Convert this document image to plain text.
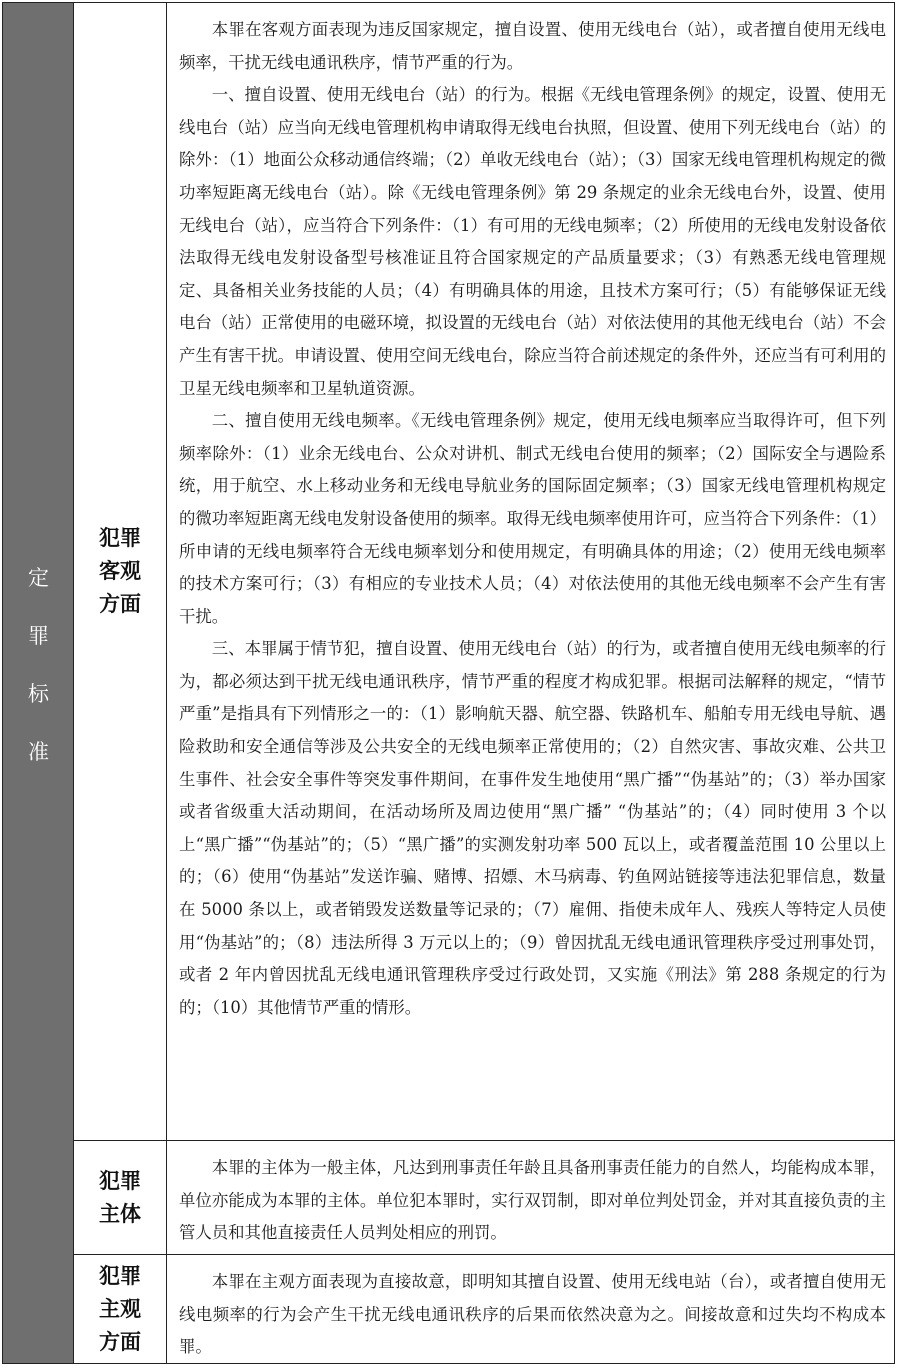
定
罪
标
准
犯罪客观方面

本罪在客观方面表现为违反国家规定，擅自设置、使用无线电台（站），或者擅自使用无线电频率，干扰无线电通讯秩序，情节严重的行为。

一、擅自设置、使用无线电台（站）的行为。根据《无线电管理条例》的规定，设置、使用无线电台（站）应当向无线电管理机构申请取得无线电台执照，但设置、使用下列无线电台（站）的除外：（1）地面公众移动通信终端；（2）单收无线电台（站）；（3）国家无线电管理机构规定的微功率短距离无线电台（站）。除《无线电管理条例》第 29 条规定的业余无线电台外，设置、使用无线电台（站），应当符合下列条件：（1）有可用的无线电频率；（2）所使用的无线电发射设备依法取得无线电发射设备型号核准证且符合国家规定的产品质量要求；（3）有熟悉无线电管理规定、具备相关业务技能的人员；（4）有明确具体的用途，且技术方案可行；（5）有能够保证无线电台（站）正常使用的电磁环境，拟设置的无线电台（站）对依法使用的其他无线电台（站）不会产生有害干扰。申请设置、使用空间无线电台，除应当符合前述规定的条件外，还应当有可利用的卫星无线电频率和卫星轨道资源。

二、擅自使用无线电频率。《无线电管理条例》规定，使用无线电频率应当取得许可，但下列频率除外：（1）业余无线电台、公众对讲机、制式无线电台使用的频率；（2）国际安全与遇险系统，用于航空、水上移动业务和无线电导航业务的国际固定频率；（3）国家无线电管理机构规定的微功率短距离无线电发射设备使用的频率。取得无线电频率使用许可，应当符合下列条件：（1）所申请的无线电频率符合无线电频率划分和使用规定，有明确具体的用途；（2）使用无线电频率的技术方案可行；（3）有相应的专业技术人员；（4）对依法使用的其他无线电频率不会产生有害干扰。

三、本罪属于情节犯，擅自设置、使用无线电台（站）的行为，或者擅自使用无线电频率的行为，都必须达到干扰无线电通讯秩序，情节严重的程度才构成犯罪。根据司法解释的规定，“情节严重”是指具有下列情形之一的：（1）影响航天器、航空器、铁路机车、船舶专用无线电导航、遇险救助和安全通信等涉及公共安全的无线电频率正常使用的；（2）自然灾害、事故灾难、公共卫生事件、社会安全事件等突发事件期间，在事件发生地使用“黑广播”“伪基站”的；（3）举办国家或者省级重大活动期间，在活动场所及周边使用“黑广播” “伪基站”的；（4）同时使用 3 个以上“黑广播”“伪基站”的；（5）“黑广播”的实测发射功率 500 瓦以上，或者覆盖范围 10 公里以上的；（6）使用“伪基站”发送诈骗、赌博、招嫖、木马病毒、钓鱼网站链接等违法犯罪信息，数量在 5000 条以上，或者销毁发送数量等记录的；（7）雇佣、指使未成年人、残疾人等特定人员使用“伪基站”的；（8）违法所得 3 万元以上的；（9）曾因扰乱无线电通讯管理秩序受过刑事处罚，或者 2 年内曾因扰乱无线电通讯管理秩序受过行政处罚，又实施《刑法》第 288 条规定的行为的；（10）其他情节严重的情形。

犯罪主体

本罪的主体为一般主体，凡达到刑事责任年龄且具备刑事责任能力的自然人，均能构成本罪，单位亦能成为本罪的主体。单位犯本罪时，实行双罚制，即对单位判处罚金，并对其直接负责的主管人员和其他直接责任人员判处相应的刑罚。

犯罪主观方面

本罪在主观方面表现为直接故意，即明知其擅自设置、使用无线电站（台），或者擅自使用无线电频率的行为会产生干扰无线电通讯秩序的后果而依然决意为之。间接故意和过失均不构成本罪。
